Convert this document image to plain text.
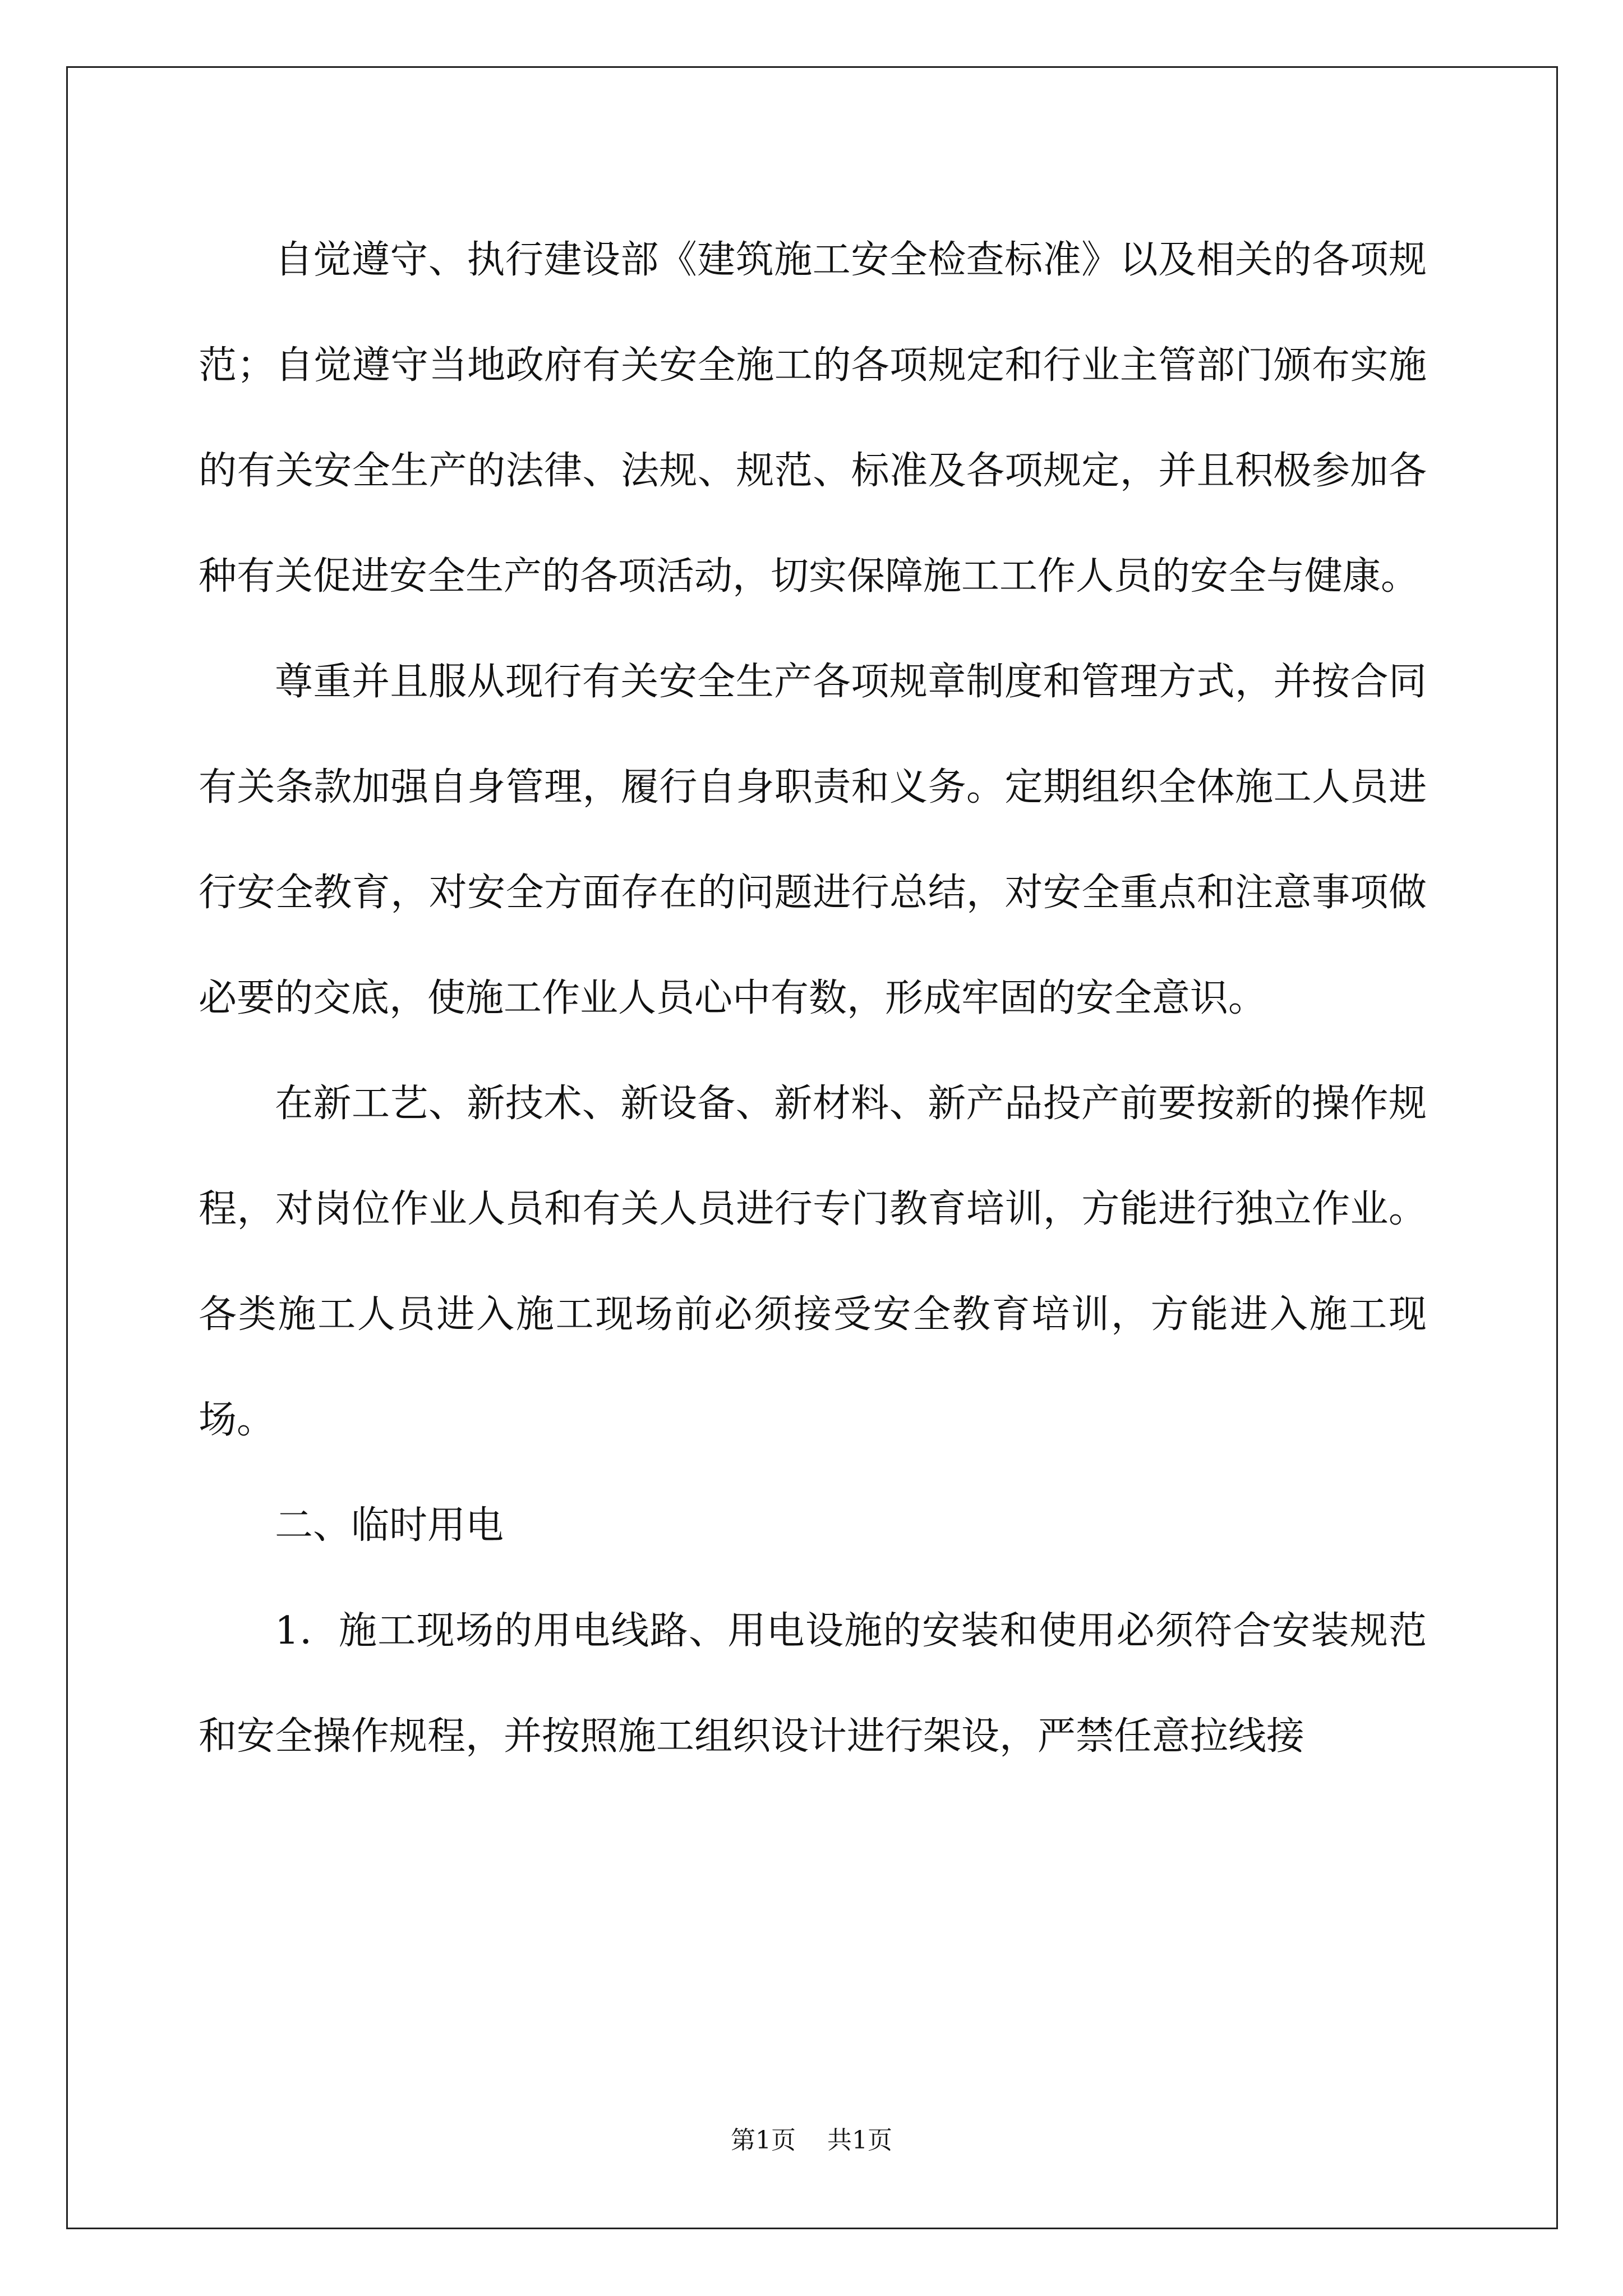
自觉遵守、执行建设部《建筑施工安全检查标准》以及相关的各项规范；自觉遵守当地政府有关安全施工的各项规定和行业主管部门颁布实施的有关安全生产的法律、法规、规范、标准及各项规定，并且积极参加各种有关促进安全生产的各项活动，切实保障施工工作人员的安全与健康。

尊重并且服从现行有关安全生产各项规章制度和管理方式，并按合同有关条款加强自身管理，履行自身职责和义务。定期组织全体施工人员进行安全教育，对安全方面存在的问题进行总结，对安全重点和注意事项做必要的交底，使施工作业人员心中有数，形成牢固的安全意识。

在新工艺、新技术、新设备、新材料、新产品投产前要按新的操作规程，对岗位作业人员和有关人员进行专门教育培训，方能进行独立作业。各类施工人员进入施工现场前必须接受安全教育培训，方能进入施工现场。

二、临时用电

1．施工现场的用电线路、用电设施的安装和使用必须符合安装规范和安全操作规程，并按照施工组织设计进行架设，严禁任意拉线接

第1页 共1页
